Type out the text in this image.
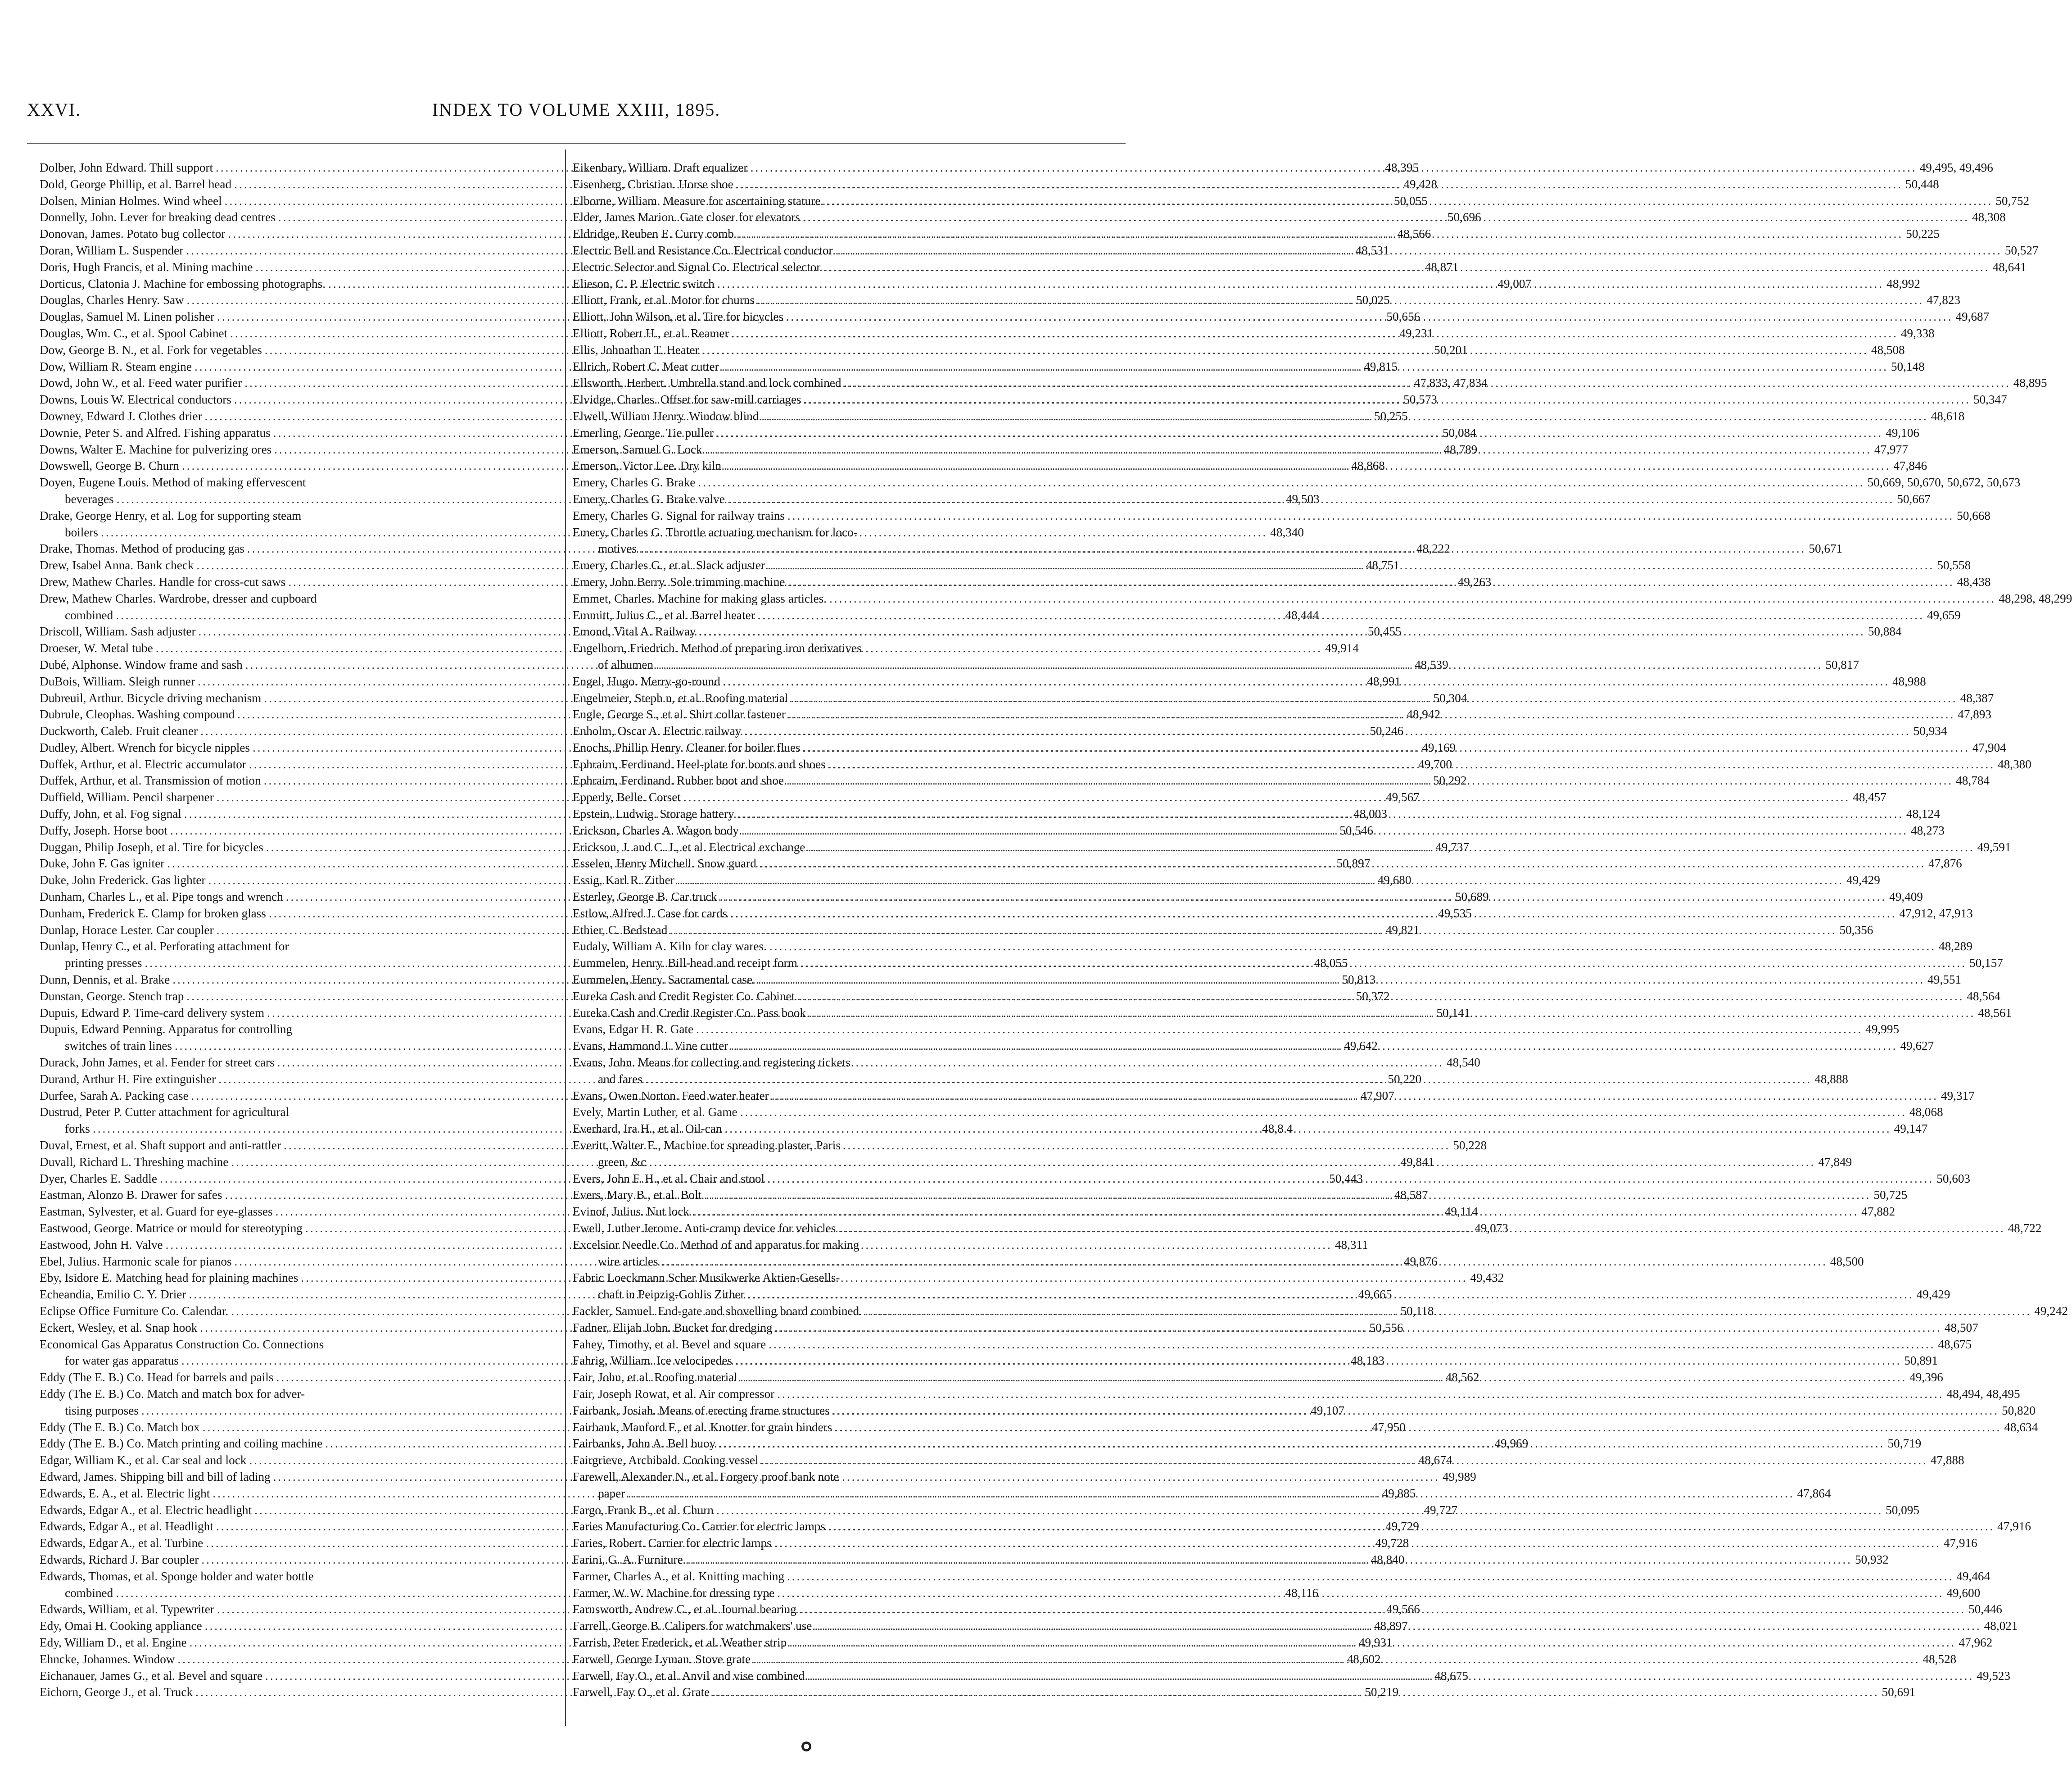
INDEX TO VOLUME XXIII, 1895.
XXVI.
Dolber, John Edward. Thill support .....	48,395
Dold, George Phillip, et al. Barrel head .....	49,428
Dolsen, Minian Holmes. Wind wheel .....	50,055
Donnelly, John. Lever for breaking dead centres .....	50,696
Donovan, James. Potato bug collector .....	48,566
Doran, William L. Suspender .....	48,531
Doris, Hugh Francis, et al. Mining machine .....	48,871
Dorticus, Clatonia J. Machine for embossing photographs. .....	49,007
Douglas, Charles Henry. Saw .....	50,025
Douglas, Samuel M. Linen polisher .....	50,656
Douglas, Wm. C., et al. Spool Cabinet .....	49,231
Dow, George B. N., et al. Fork for vegetables .....	50,201
Dow, William R. Steam engine .....	49,815
Dowd, John W., et al. Feed water purifier .....	47,833, 47,834
Downs, Louis W. Electrical conductors .....	50,573
Downey, Edward J. Clothes drier .....	50,255
Downie, Peter S. and Alfred. Fishing apparatus .....	50,084
Downs, Walter E. Machine for pulverizing ores .....	48,789
Dowswell, George B. Churn .....	48,868
Doyen, Eugene Louis. Method of making effervescent
beverages .....	49,503
Drake, George Henry, et al. Log for supporting steam
boilers .....	48,340
Drake, Thomas. Method of producing gas .....	48,222
Drew, Isabel Anna. Bank check .....	48,751
Drew, Mathew Charles. Handle for cross-cut saws .....	49,263
Drew, Mathew Charles. Wardrobe, dresser and cupboard
combined .....	48,444
Driscoll, William. Sash adjuster .....	50,455
Droeser, W. Metal tube .....	49,914
Dubé, Alphonse. Window frame and sash .....	48,539
DuBois, William. Sleigh runner .....	48,991
Dubreuil, Arthur. Bicycle driving mechanism .....	50,304
Dubrule, Cleophas. Washing compound .....	48,942
Duckworth, Caleb. Fruit cleaner .....	50,246
Dudley, Albert. Wrench for bicycle nipples .....	49,169
Duffek, Arthur, et al. Electric accumulator .....	49,700
Duffek, Arthur, et al. Transmission of motion .....	50,292
Duffield, William. Pencil sharpener .....	49,567
Duffy, John, et al. Fog signal .....	48,003
Duffy, Joseph. Horse boot .....	50,546
Duggan, Philip Joseph, et al. Tire for bicycles .....	49,737
Duke, John F. Gas igniter .....	50,897
Duke, John Frederick. Gas lighter .....	49,680
Dunham, Charles L., et al. Pipe tongs and wrench .....	50,689
Dunham, Frederick E. Clamp for broken glass .....	49,535
Dunlap, Horace Lester. Car coupler .....	49,821
Dunlap, Henry C., et al. Perforating attachment for
printing presses .....	48,055
Dunn, Dennis, et al. Brake .....	50,813
Dunstan, George. Stench trap .....	50,372
Dupuis, Edward P. Time-card delivery system .....	50,141
Dupuis, Edward Penning. Apparatus for controlling
switches of train lines .....	49,642
Durack, John James, et al. Fender for street cars .....	48,540
Durand, Arthur H. Fire extinguisher .....	50,220
Durfee, Sarah A. Packing case .....	47,907
Dustrud, Peter P. Cutter attachment for agricultural
forks .....	48,8 4
Duval, Ernest, et al. Shaft support and anti-rattler .....	50,228
Duvall, Richard L. Threshing machine .....	49,841
Dyer, Charles E. Saddle .....	50,443
Eastman, Alonzo B. Drawer for safes .....	48,587
Eastman, Sylvester, et al. Guard for eye-glasses .....	49,114
Eastwood, George. Matrice or mould for stereotyping .....	49,073
Eastwood, John H. Valve .....	48,311
Ebel, Julius. Harmonic scale for pianos .....	49,876
Eby, Isidore E. Matching head for plaining machines .....	49,432
Echeandia, Emilio C. Y. Drier .....	49,665
Eclipse Office Furniture Co. Calendar. .....	50,118
Eckert, Wesley, et al. Snap hook .....	50,556
Economical Gas Apparatus Construction Co. Connections
for water gas apparatus .....	48,183
Eddy (The E. B.) Co. Head for barrels and pails .....	48,562
Eddy (The E. B.) Co. Match and match box for adver-
tising purposes .....	49,107
Eddy (The E. B.) Co. Match box .....	47,950
Eddy (The E. B.) Co. Match printing and coiling machine .....	49,969
Edgar, William K., et al. Car seal and lock .....	48,674
Edward, James. Shipping bill and bill of lading .....	49,989
Edwards, E. A., et al. Electric light .....	49,885
Edwards, Edgar A., et al. Electric headlight .....	49,727
Edwards, Edgar A., et al. Headlight .....	49,729
Edwards, Edgar A., et al. Turbine .....	49,728
Edwards, Richard J. Bar coupler .....	48,840
Edwards, Thomas, et al. Sponge holder and water bottle
combined .....	48,116
Edwards, William, et al. Typewriter .....	49,566
Edy, Omai H. Cooking appliance .....	48,897
Edy, William D., et al. Engine .....	49,931
Ehncke, Johannes. Window .....	48,602
Eichanauer, James G., et al. Bevel and square .....	48,675
Eichorn, George J., et al. Truck .....	50,219
Eikenbary, William. Draft equalizer .....	49,495, 49,496
Eisenberg, Christian. Horse shoe .....	50,448
Elborne, William. Measure for ascertaining stature. .....	50,752
Elder, James Marion. Gate closer for elevators .....	48,308
Eldridge, Reuben E. Curry comb .....	50,225
Electric Bell and Resistance Co. Electrical conductor .....	50,527
Electric Selector and Signal Co. Electrical selector .....	48,641
Elieson, C. P. Electric switch .....	48,992
Elliott, Frank, et al. Motor for churns .....	47,823
Elliott, John Wilson, et al. Tire for bicycles .....	49,687
Elliott, Robert H., et al. Reamer .....	49,338
Ellis, Johnathan T. Heater .....	48,508
Ellrich, Robert C. Meat cutter .....	50,148
Ellsworth, Herbert. Umbrella stand and lock combined .....	48,895
Elvidge, Charles. Offset for saw-mill carriages .....	50,347
Elwell, William Henry. Window blind .....	48,618
Emerling, George. Tie puller .....	49,106
Emerson, Samuel G. Lock .....	47,977
Emerson, Victor Lee. Dry kiln .....	47,846
Emery, Charles G. Brake .....	50,669, 50,670, 50,672, 50,673
Emery, Charles G. Brake valve .....	50,667
Emery, Charles G. Signal for railway trains .....	50,668
Emery, Charles G. Throttle actuating mechanism for loco-
motives .....	50,671
Emery, Charles G., et al. Slack adjuster .....	50,558
Emery, John Berry. Sole trimming machine .....	48,438
Emmet, Charles. Machine for making glass articles. .....	48,298, 48,299
Emmitt, Julius C., et al. Barrel heater .....	49,659
Emond, Vital A. Railway .....	50,884
Engelhorn, Friedrich. Method of preparing iron derivatives
of albumen .....	50,817
Engel, Hugo. Merry-go-round .....	48,988
Engelmeier, Steph n, et al. Roofing material .....	48,387
Engle, George S., et al. Shirt collar fastener .....	47,893
Enholm, Oscar A. Electric railway .....	50,934
Enochs, Phillip Henry. Cleaner for boiler flues .....	47,904
Ephraim, Ferdinand. Heel-plate for boots and shoes .....	48,380
Ephraim, Ferdinand. Rubber boot and shoe .....	48,784
Epperly, Belle. Corset .....	48,457
Epstein, Ludwig. Storage battery .....	48,124
Erickson, Charles A. Wagon body .....	48,273
Erickson, J. and C. J., et al. Electrical exchange .....	49,591
Esselen, Henry Mitchell. Snow guard .....	47,876
Essig, Karl R. Zither .....	49,429
Esterley, George B. Car truck .....	49,409
Estlow, Alfred J. Case for cards .....	47,912, 47,913
Ethier, C. Bedstead .....	50,356
Eudaly, William A. Kiln for clay wares. .....	48,289
Eummelen, Henry. Bill-head and receipt form .....	50,157
Eummelen, Henry. Sacramental case. .....	49,551
Eureka Cash and Credit Register Co. Cabinet .....	48,564
Eureka Cash and Credit Register Co. Pass book .....	48,561
Evans, Edgar H. R. Gate .....	49,995
Evans, Hammond J. Vine cutter .....	49,627
Evans, John. Means for collecting and registering tickets
and fares .....	48,888
Evans, Owen Norton. Feed water heater .....	49,317
Evely, Martin Luther, et al. Game .....	48,068
Everhard, Ira H., et al. Oil-can .....	49,147
Everitt, Walter E., Machine for spreading plaster, Paris
green, &c .....	47,849
Evers, John F. H., et al. Chair and stool .....	50,603
Evers, Mary B., et al. Bolt .....	50,725
Evinof, Julius. Nut lock .....	47,882
Ewell, Luther Jerome. Anti-cramp device for vehicles .....	48,722
Excelsior Needle Co. Method of and apparatus for making
wire articles .....	48,500
Fabric Loeckmann Scher Musikwerke Aktien-Gesells-
chaft in Peipzig-Gohlis Zither .....	49,429
Fackler, Samuel. End-gate and shovelling board combined. .....	49,242
Fadner, Elijah John. Bucket for dredging .....	48,507
Fahey, Timothy, et al. Bevel and square .....	48,675
Fahrig, William. Ice velocipedes .....	50,891
Fair, John, et al. Roofing material .....	49,396
Fair, Joseph Rowat, et al. Air compressor .....	48,494, 48,495
Fairbank, Josiah. Means of erecting frame structures .....	50,820
Fairbank, Manford F., et al. Knotter for grain binders .....	48,634
Fairbanks, John A. Bell buoy .....	50,719
Fairgrieve, Archibald. Cooking vessel .....	47,888
Farewell, Alexander N., et al. Forgery proof bank note
paper .....	47,864
Fargo, Frank B., et al. Churn .....	50,095
Faries Manufacturing Co. Carrier for electric lamps .....	47,916
Faries, Robert. Carrier for electric lamps .....	47,916
Farini, G. A. Furniture .....	50,932
Farmer, Charles A., et al. Knitting maching .....	49,464
Farmer, W. W. Machine for dressing type .....	49,600
Farnsworth, Andrew C., et al. Journal bearing .....	50,446
Farrell, George B. Calipers for watchmakers' use .....	48,021
Farrish, Peter Frederick, et al. Weather strip .....	47,962
Farwell, George Lyman. Stove grate .....	48,528
Farwell, Fay O., et al. Anvil and vise combined .....	49,523
Farwell, Fay O., et al. Grate .....	50,691
